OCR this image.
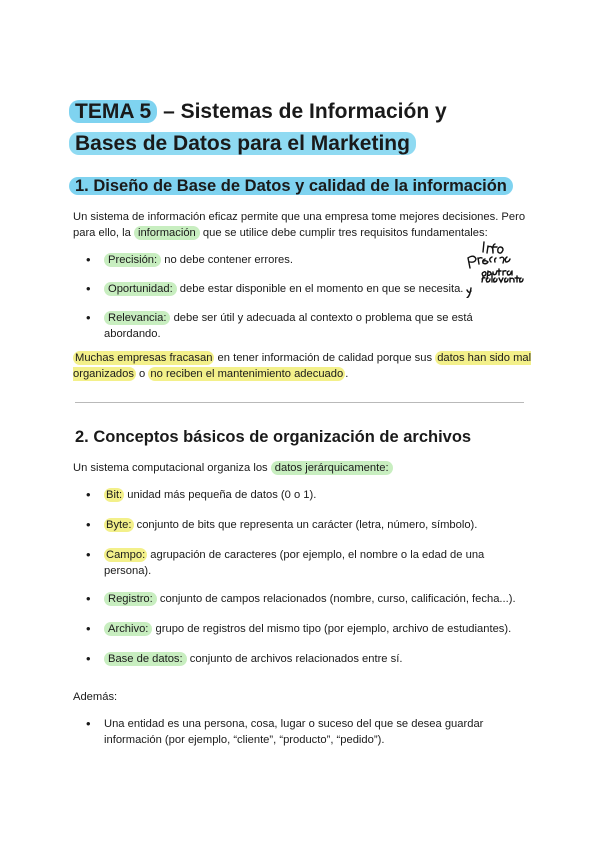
TEMA 5 – Sistemas de Información y
Bases de Datos para el Marketing
1. Diseño de Base de Datos y calidad de la información

Un sistema de información eficaz permite que una empresa tome mejores decisiones. Pero para ello, la información que se utilice debe cumplir tres requisitos fundamentales:

• Precisión: no debe contener errores.
• Oportunidad: debe estar disponible en el momento en que se necesita.
• Relevancia: debe ser útil y adecuada al contexto o problema que se está abordando.

Muchas empresas fracasan en tener información de calidad porque sus datos han sido mal organizados o no reciben el mantenimiento adecuado .

2. Conceptos básicos de organización de archivos

Un sistema computacional organiza los datos jerárquicamente:

• Bit: unidad más pequeña de datos (0 o 1).
• Byte: conjunto de bits que representa un carácter (letra, número, símbolo).
• Campo: agrupación de caracteres (por ejemplo, el nombre o la edad de una persona).
• Registro: conjunto de campos relacionados (nombre, curso, calificación, fecha...).
• Archivo: grupo de registros del mismo tipo (por ejemplo, archivo de estudiantes).
• Base de datos: conjunto de archivos relacionados entre sí.

Además:

• Una entidad es una persona, cosa, lugar o suceso del que se desea guardar información (por ejemplo, “cliente”, “producto”, “pedido”).
